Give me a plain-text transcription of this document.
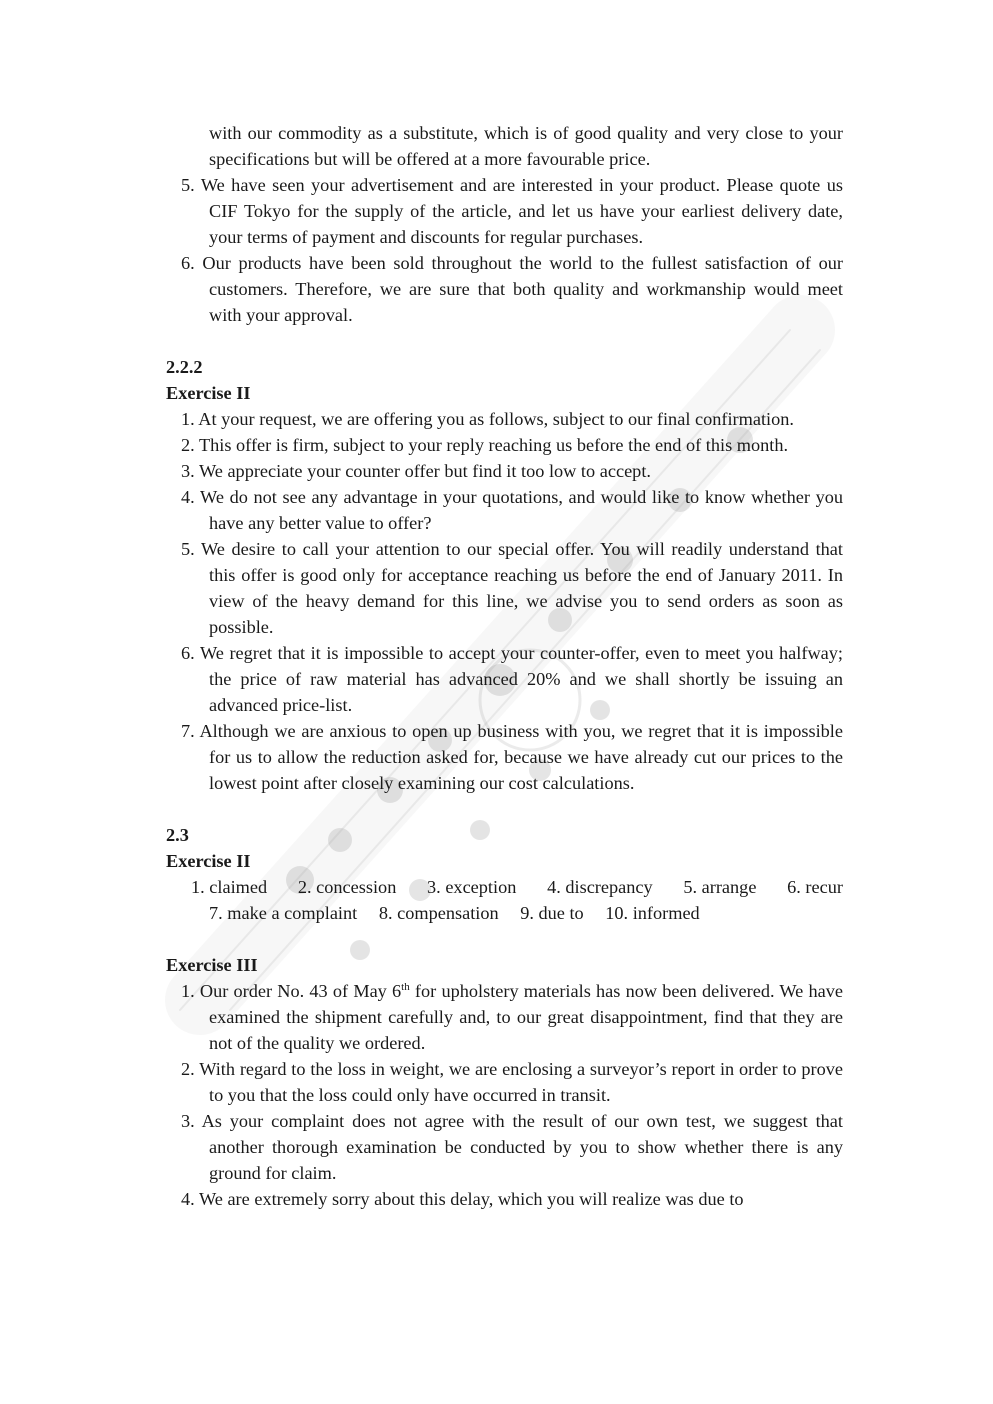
with our commodity as a substitute, which is of good quality and very close to your specifications but will be offered at a more favourable price.

5. We have seen your advertisement and are interested in your product. Please quote us CIF Tokyo for the supply of the article, and let us have your earliest delivery date, your terms of payment and discounts for regular purchases.

6. Our products have been sold throughout the world to the fullest satisfaction of our customers. Therefore, we are sure that both quality and workmanship would meet with your approval.

2.2.2

Exercise II

1. At your request, we are offering you as follows, subject to our final confirmation.

2. This offer is firm, subject to your reply reaching us before the end of this month.

3. We appreciate your counter offer but find it too low to accept.

4. We do not see any advantage in your quotations, and would like to know whether you have any better value to offer?

5. We desire to call your attention to our special offer. You will readily understand that this offer is good only for acceptance reaching us before the end of January 2011. In view of the heavy demand for this line, we advise you to send orders as soon as possible.

6. We regret that it is impossible to accept your counter-offer, even to meet you halfway; the price of raw material has advanced 20% and we shall shortly be issuing an advanced price-list.

7. Although we are anxious to open up business with you, we regret that it is impossible for us to allow the reduction asked for, because we have already cut our prices to the lowest point after closely examining our cost calculations.

2.3

Exercise II

1. claimed 2. concession 3. exception 4. discrepancy 5. arrange 6. recur
7. make a complaint 8. compensation 9. due to 10. informed

Exercise III

1. Our order No. 43 of May 6th for upholstery materials has now been delivered. We have examined the shipment carefully and, to our great disappointment, find that they are not of the quality we ordered.

2. With regard to the loss in weight, we are enclosing a surveyor’s report in order to prove to you that the loss could only have occurred in transit.

3. As your complaint does not agree with the result of our own test, we suggest that another thorough examination be conducted by you to show whether there is any ground for claim.

4. We are extremely sorry about this delay, which you will realize was due to
